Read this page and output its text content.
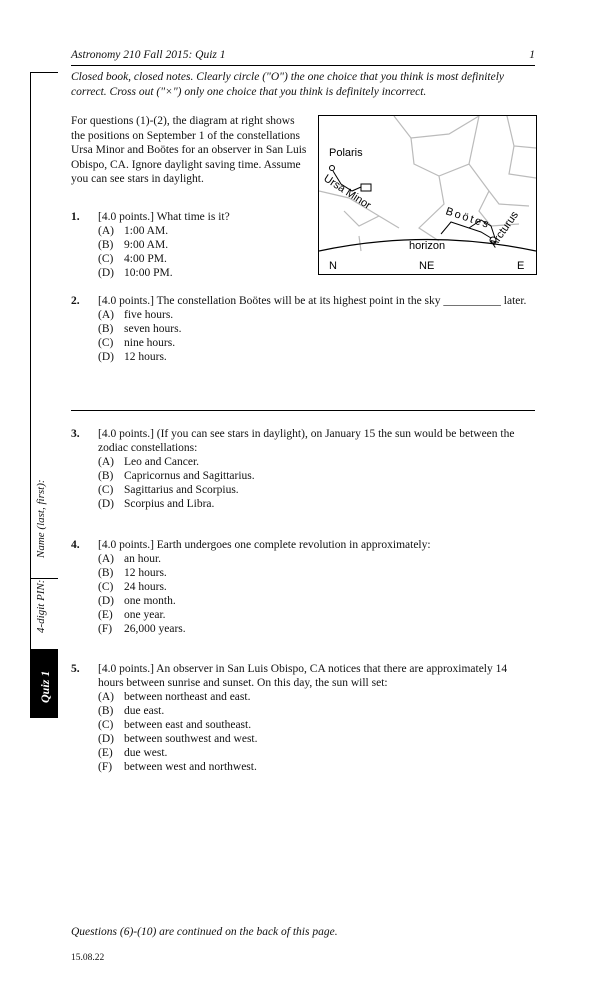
Astronomy 210 Fall 2015: Quiz 1	1
4-digit PIN:
Name (last, first):
Quiz 1
Closed book, closed notes. Clearly circle ("O") the one choice that you think is most definitely correct. Cross out ("×") only one choice that you think is definitely incorrect.
For questions (1)-(2), the diagram at right shows the positions on September 1 of the constellations Ursa Minor and Boötes for an observer in San Luis Obispo, CA. Ignore daylight saving time. Assume you can see stars in daylight.
Polaris
Ursa Minor
Boötes
Arcturus
horizon
N	NE	E
1. [4.0 points.] What time is it?
(A) 1:00 AM.
(B) 9:00 AM.
(C) 4:00 PM.
(D) 10:00 PM.
2. [4.0 points.] The constellation Boötes will be at its highest point in the sky __________ later.
(A) five hours.
(B) seven hours.
(C) nine hours.
(D) 12 hours.
3. [4.0 points.] (If you can see stars in daylight), on January 15 the sun would be between the zodiac constellations:
(A) Leo and Cancer.
(B) Capricornus and Sagittarius.
(C) Sagittarius and Scorpius.
(D) Scorpius and Libra.
4. [4.0 points.] Earth undergoes one complete revolution in approximately:
(A) an hour.
(B) 12 hours.
(C) 24 hours.
(D) one month.
(E) one year.
(F)	26,000 years.
5. [4.0 points.] An observer in San Luis Obispo, CA notices that there are approximately 14 hours between sunrise and sunset. On this day, the sun will set:
(A) between northeast and east.
(B) due east.
(C) between east and southeast.
(D) between southwest and west.
(E) due west.
(F)	between west and northwest.
Questions (6)-(10) are continued on the back of this page.
15.08.22
